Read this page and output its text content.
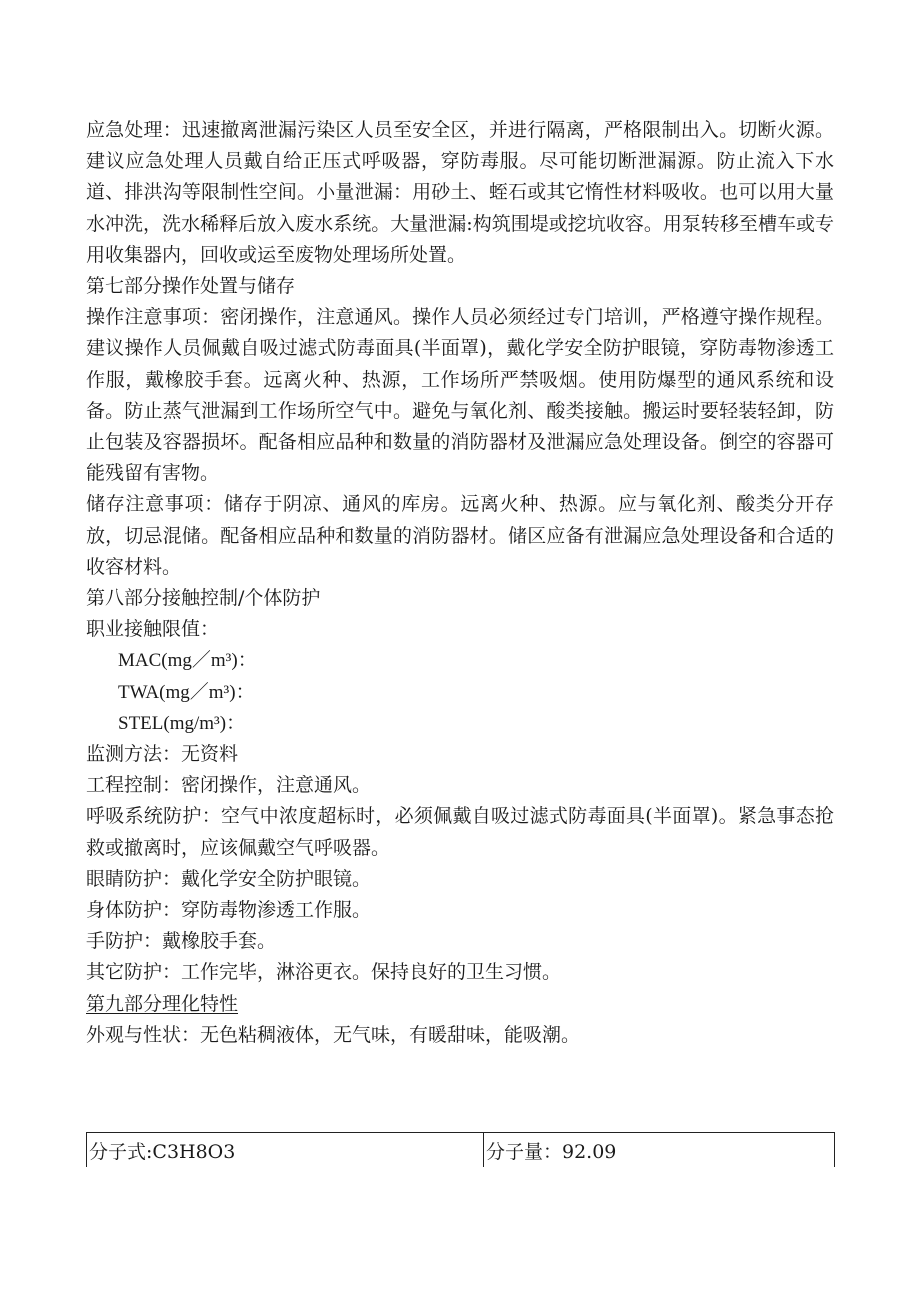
应急处理：迅速撤离泄漏污染区人员至安全区，并进行隔离，严格限制出入。切断火源。建议应急处理人员戴自给正压式呼吸器，穿防毒服。尽可能切断泄漏源。防止流入下水道、排洪沟等限制性空间。小量泄漏：用砂土、蛭石或其它惰性材料吸收。也可以用大量水冲洗，洗水稀释后放入废水系统。大量泄漏:构筑围堤或挖坑收容。用泵转移至槽车或专用收集器内，回收或运至废物处理场所处置。

第七部分操作处置与储存

操作注意事项：密闭操作，注意通风。操作人员必须经过专门培训，严格遵守操作规程。建议操作人员佩戴自吸过滤式防毒面具(半面罩)，戴化学安全防护眼镜，穿防毒物渗透工作服，戴橡胶手套。远离火种、热源，工作场所严禁吸烟。使用防爆型的通风系统和设备。防止蒸气泄漏到工作场所空气中。避免与氧化剂、酸类接触。搬运时要轻装轻卸，防止包装及容器损坏。配备相应品种和数量的消防器材及泄漏应急处理设备。倒空的容器可能残留有害物。

储存注意事项：储存于阴凉、通风的库房。远离火种、热源。应与氧化剂、酸类分开存放，切忌混储。配备相应品种和数量的消防器材。储区应备有泄漏应急处理设备和合适的收容材料。

第八部分接触控制/个体防护

职业接触限值：

MAC(mg／m³)：

TWA(mg／m³)：

STEL(mg/m³)：

监测方法：无资料

工程控制：密闭操作，注意通风。

呼吸系统防护：空气中浓度超标时，必须佩戴自吸过滤式防毒面具(半面罩)。紧急事态抢救或撤离时，应该佩戴空气呼吸器。

眼睛防护：戴化学安全防护眼镜。

身体防护：穿防毒物渗透工作服。

手防护：戴橡胶手套。

其它防护：工作完毕，淋浴更衣。保持良好的卫生习惯。

第九部分理化特性

外观与性状：无色粘稠液体，无气味，有暖甜味，能吸潮。

分子式:C3H8O3	分子量：92.09
